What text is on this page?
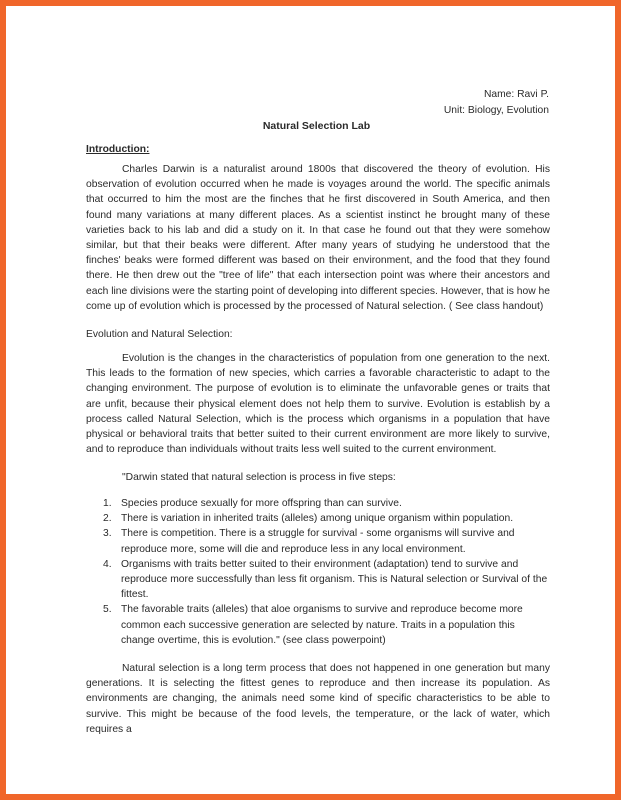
Name: Ravi P.
Unit: Biology, Evolution
Natural Selection Lab
Introduction:
Charles Darwin is a naturalist around 1800s that discovered the theory of evolution. His observation of evolution occurred when he made is voyages around the world. The specific animals that occurred to him the most are the finches that he first discovered in South America, and then found many variations at many different places. As a scientist instinct he brought many of these varieties back to his lab and did a study on it. In that case he found out that they were somehow similar, but that their beaks were different. After many years of studying he understood that the finches' beaks were formed different was based on their environment, and the food that they found there. He then drew out the "tree of life" that each intersection point was where their ancestors and each line divisions were the starting point of developing into different species. However, that is how he come up of evolution which is processed by the processed of Natural selection. ( See class handout)
Evolution and Natural Selection:
Evolution is the changes in the characteristics of population from one generation to the next. This leads to the formation of new species, which carries a favorable characteristic to adapt to the changing environment. The purpose of evolution is to eliminate the unfavorable genes or traits that are unfit, because their physical element does not help them to survive. Evolution is establish by a process called Natural Selection, which is the process which organisms in a population that have physical or behavioral traits that better suited to their current environment are more likely to survive, and to reproduce than individuals without traits less well suited to the current environment.
"Darwin stated that natural selection is process in five steps:
1. Species produce sexually for more offspring than can survive.
2. There is variation in inherited traits (alleles) among unique organism within population.
3. There is competition. There is a struggle for survival - some organisms will survive and reproduce more, some will die and reproduce less in any local environment.
4. Organisms with traits better suited to their environment (adaptation) tend to survive and reproduce more successfully than less fit organism. This is Natural selection or Survival of the fittest.
5. The favorable traits (alleles) that aloe organisms to survive and reproduce become more common each successive generation are selected by nature. Traits in a population this change overtime, this is evolution." (see class powerpoint)
Natural selection is a long term process that does not happened in one generation but many generations. It is selecting the fittest genes to reproduce and then increase its population. As environments are changing, the animals need some kind of specific characteristics to be able to survive. This might be because of the food levels, the temperature, or the lack of water, which requires a
